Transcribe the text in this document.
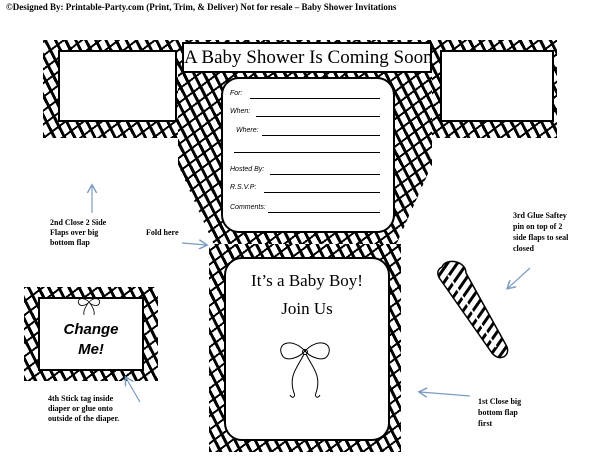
©Designed By: Printable-Party.com (Print, Trim, & Deliver) Not for resale – Baby Shower Invitations
A Baby Shower Is Coming Soon
For:
When:
Where:
Hosted By:
R.S.V.P:
Comments:
It’s a Baby Boy!
Join Us
Change
Me!
2nd Close 2 Side
Flaps over big
bottom flap
Fold here
3rd Glue Saftey
pin on top of 2
side flaps to seal
closed
4th Stick tag inside
diaper or glue onto
outside of the diaper.
1st Close big
bottom flap
first
